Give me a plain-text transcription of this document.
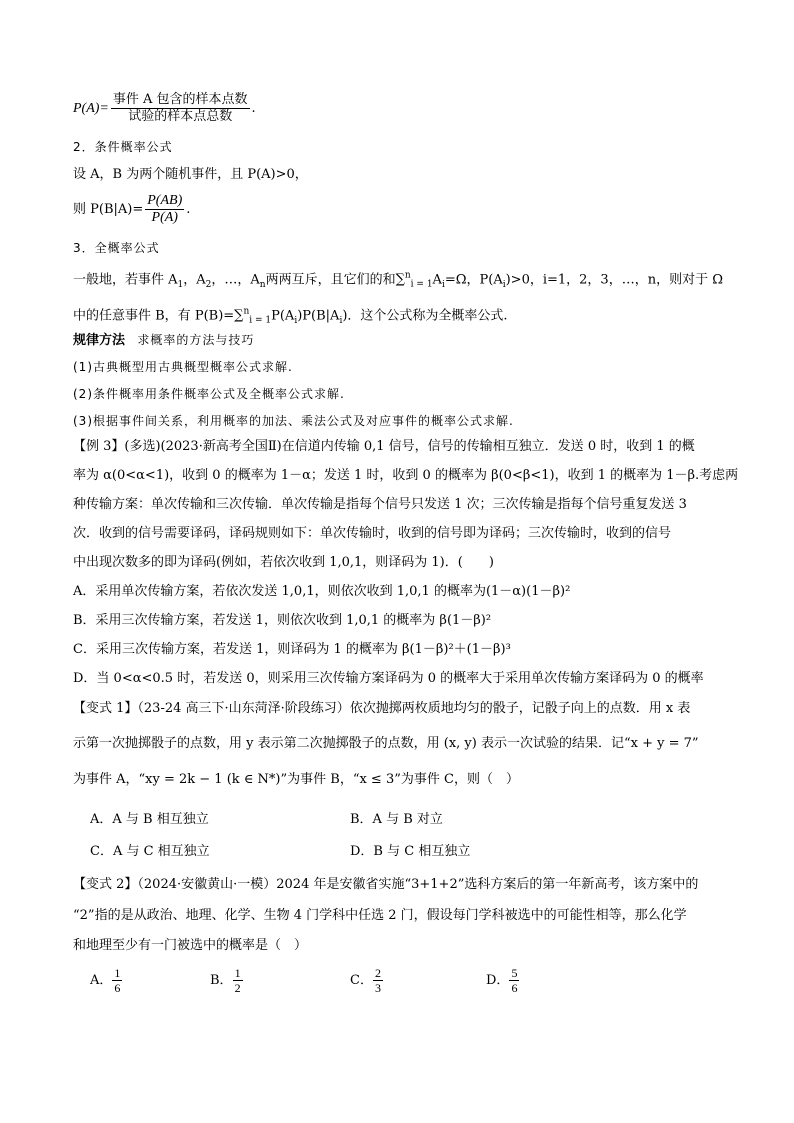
$P(A)= \frac{\text{事件 A 包含的样本点数}}{\text{试验的样本点总数}}$ .
2．条件概率公式
设 A，B 为两个随机事件，且 P(A)>0，
则 $P(B|A)= \frac{P(AB)}{P(A)}$ .
3．全概率公式
一般地，若事件 $A_1$，$A_2$，…，$A_n$两两互斥，且它们的和$\sum^n_{i = 1}A_i=\Omega$，$P(A_i)>0$，i=1，2，3，…，n，则对于 Ω
中的任意事件 B，有 $P(B)=\sum^n_{i = 1}P(A_i)P(B|A_i)$．这个公式称为全概率公式.
规律方法 求概率的方法与技巧
(1)古典概型用古典概型概率公式求解.
(2)条件概率用条件概率公式及全概率公式求解.
(3)根据事件间关系，利用概率的加法、乘法公式及对应事件的概率公式求解.
【例 3】(多选)(2023·新高考全国Ⅱ)在信道内传输 0,1 信号，信号的传输相互独立．发送 0 时，收到 1 的概
率为 α(0<α<1)，收到 0 的概率为 1－α；发送 1 时，收到 0 的概率为 β(0<β<1)，收到 1 的概率为 1－β.考虑两
种传输方案：单次传输和三次传输．单次传输是指每个信号只发送 1 次；三次传输是指每个信号重复发送 3
次．收到的信号需要译码，译码规则如下：单次传输时，收到的信号即为译码；三次传输时，收到的信号
中出现次数多的即为译码(例如，若依次收到 1,0,1，则译码为 1)．(　　)
A．采用单次传输方案，若依次发送 1,0,1，则依次收到 1,0,1 的概率为(1－α)(1－β)²
B．采用三次传输方案，若发送 1，则依次收到 1,0,1 的概率为 β(1－β)²
C．采用三次传输方案，若发送 1，则译码为 1 的概率为 β(1－β)²＋(1－β)³
D．当 0<α<0.5 时，若发送 0，则采用三次传输方案译码为 0 的概率大于采用单次传输方案译码为 0 的概率
【变式 1】（23-24 高三下·山东菏泽·阶段练习）依次抛掷两枚质地均匀的骰子，记骰子向上的点数．用 x 表
示第一次抛掷骰子的点数，用 y 表示第二次抛掷骰子的点数，用 (x, y) 表示一次试验的结果．记“x + y = 7”
为事件 A，“xy = 2k − 1 (k ∈ N*)”为事件 B，“x ≤ 3”为事件 C，则（　）
A．A 与 B 相互独立	B．A 与 B 对立
C．A 与 C 相互独立	D．B 与 C 相互独立
【变式 2】（2024·安徽黄山·一模）2024 年是安徽省实施“3+1+2”选科方案后的第一年新高考，该方案中的
“2”指的是从政治、地理、化学、生物 4 门学科中任选 2 门，假设每门学科被选中的可能性相等，那么化学
和地理至少有一门被选中的概率是（　）
A． $\frac{1}{6}$	B． $\frac{1}{2}$	C． $\frac{2}{3}$	D． $\frac{5}{6}$
